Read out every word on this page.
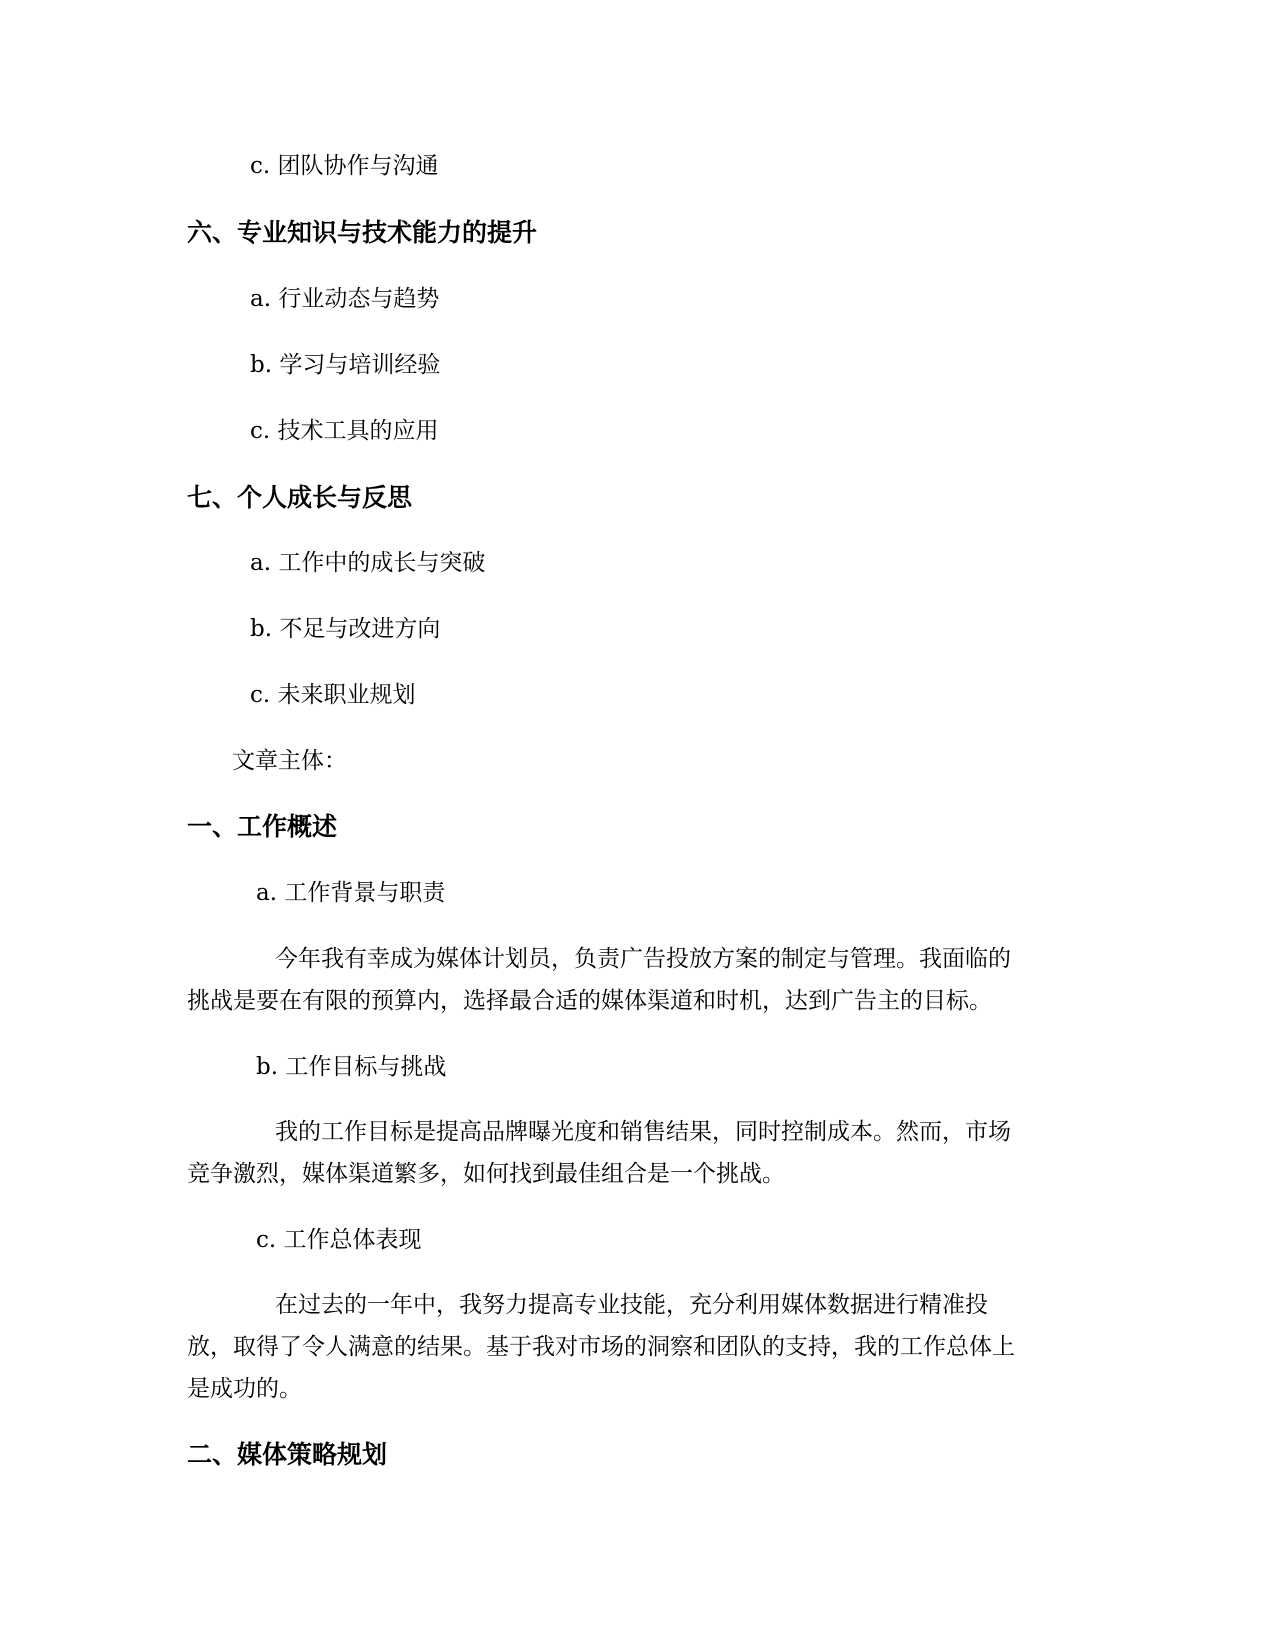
c. 团队协作与沟通
六、专业知识与技术能力的提升
a. 行业动态与趋势
b. 学习与培训经验
c. 技术工具的应用
七、个人成长与反思
a. 工作中的成长与突破
b. 不足与改进方向
c. 未来职业规划
文章主体：
一、工作概述
a. 工作背景与职责
今年我有幸成为媒体计划员，负责广告投放方案的制定与管理。我面临的
挑战是要在有限的预算内，选择最合适的媒体渠道和时机，达到广告主的目标。
b. 工作目标与挑战
我的工作目标是提高品牌曝光度和销售结果，同时控制成本。然而，市场
竞争激烈，媒体渠道繁多，如何找到最佳组合是一个挑战。
c. 工作总体表现
在过去的一年中，我努力提高专业技能，充分利用媒体数据进行精准投
放，取得了令人满意的结果。基于我对市场的洞察和团队的支持，我的工作总体上
是成功的。
二、媒体策略规划
